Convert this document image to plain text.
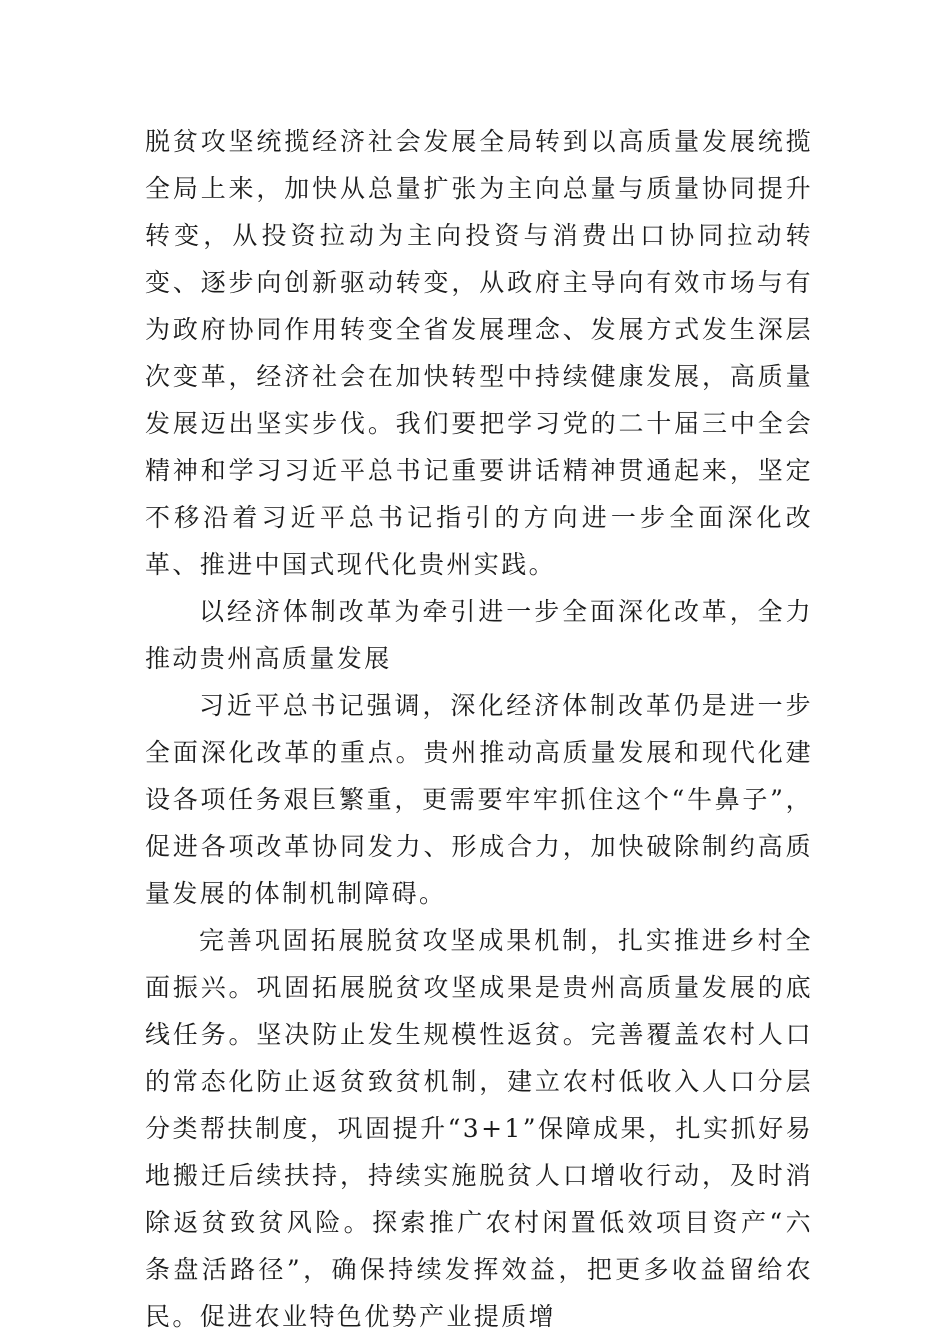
脱贫攻坚统揽经济社会发展全局转到以高质量发展统揽全局上来，加快从总量扩张为主向总量与质量协同提升转变，从投资拉动为主向投资与消费出口协同拉动转变、逐步向创新驱动转变，从政府主导向有效市场与有为政府协同作用转变全省发展理念、发展方式发生深层次变革，经济社会在加快转型中持续健康发展，高质量发展迈出坚实步伐。我们要把学习党的二十届三中全会精神和学习习近平总书记重要讲话精神贯通起来，坚定不移沿着习近平总书记指引的方向进一步全面深化改革、推进中国式现代化贵州实践。

以经济体制改革为牵引进一步全面深化改革，全力推动贵州高质量发展

习近平总书记强调，深化经济体制改革仍是进一步全面深化改革的重点。贵州推动高质量发展和现代化建设各项任务艰巨繁重，更需要牢牢抓住这个“牛鼻子”，促进各项改革协同发力、形成合力，加快破除制约高质量发展的体制机制障碍。

完善巩固拓展脱贫攻坚成果机制，扎实推进乡村全面振兴。巩固拓展脱贫攻坚成果是贵州高质量发展的底线任务。坚决防止发生规模性返贫。完善覆盖农村人口的常态化防止返贫致贫机制，建立农村低收入人口分层分类帮扶制度，巩固提升“3+1”保障成果，扎实抓好易地搬迁后续扶持，持续实施脱贫人口增收行动，及时消除返贫致贫风险。探索推广农村闲置低效项目资产“六条盘活路径”，确保持续发挥效益，把更多收益留给农民。促进农业特色优势产业提质增
